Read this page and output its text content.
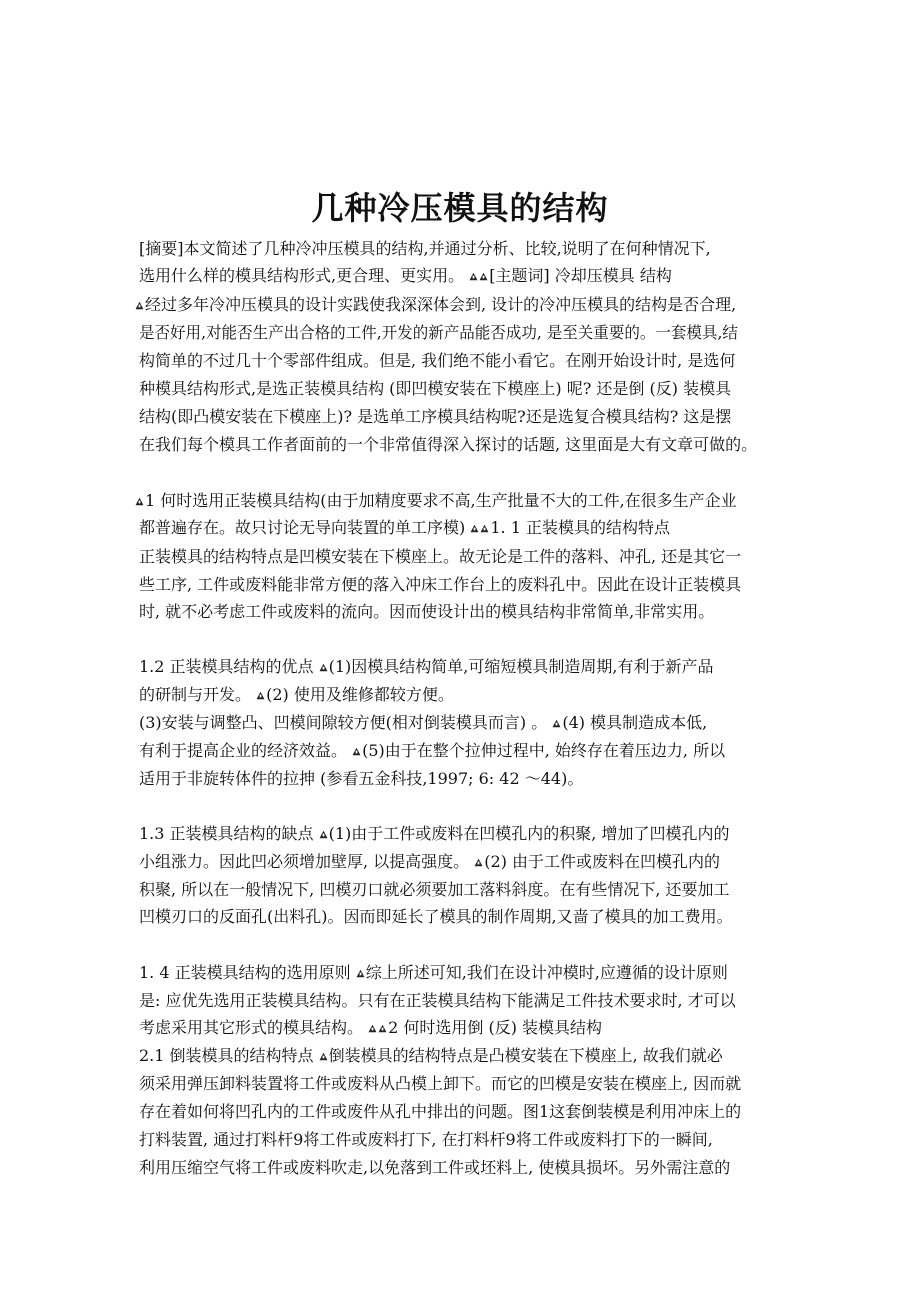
几种冷压模具的结构
[摘要]本文简述了几种冷冲压模具的结构,并通过分析、比较,说明了在何种情况下,
选用什么样的模具结构形式,更合理、更实用。
[主题词] 冷却压模具 结构
经过多年冷冲压模具的设计实践使我深深体会到, 设计的冷冲压模具的结构是否合理,
是否好用,对能否生产出合格的工件,开发的新产品能否成功, 是至关重要的。一套模具,结
构简单的不过几十个零部件组成。但是, 我们绝不能小看它。在刚开始设计时, 是选何
种模具结构形式,是选正装模具结构 (即凹模安装在下模座上) 呢? 还是倒 (反) 装模具
结构(即凸模安装在下模座上)? 是选单工序模具结构呢?还是选复合模具结构? 这是摆
在我们每个模具工作者面前的一个非常值得深入探讨的话题, 这里面是大有文章可做的。
1 何时选用正装模具结构(由于加精度要求不高,生产批量不大的工件,在很多生产企业
都普遍存在。故只讨论无导向装置的单工序模)
1. 1 正装模具的结构特点
正装模具的结构特点是凹模安装在下模座上。故无论是工件的落料、冲孔, 还是其它一
些工序, 工件或废料能非常方便的落入冲床工作台上的废料孔中。因此在设计正装模具
时, 就不必考虑工件或废料的流向。因而使设计出的模具结构非常简单,非常实用。
1.2 正装模具结构的优点
(1)因模具结构简单,可缩短模具制造周期,有利于新产品
的研制与开发。
(2) 使用及维修都较方便。
(3)安装与调整凸、凹模间隙较方便(相对倒装模具而言) 。
(4) 模具制造成本低,
有利于提高企业的经济效益。
(5)由于在整个拉伸过程中, 始终存在着压边力, 所以
适用于非旋转体件的拉抻 (参看五金科技,1997; 6: 42 ～44)。
1.3 正装模具结构的缺点
(1)由于工件或废料在凹模孔内的积聚, 增加了凹模孔内的
小组涨力。因此凹必须增加壁厚, 以提高强度。
(2) 由于工件或废料在凹模孔内的
积聚, 所以在一般情况下, 凹模刃口就必须要加工落料斜度。在有些情况下, 还要加工
凹模刃口的反面孔(出料孔)。因而即延长了模具的制作周期,又啬了模具的加工费用。
1. 4 正装模具结构的选用原则
综上所述可知,我们在设计冲模时,应遵循的设计原则
是: 应优先选用正装模具结构。只有在正装模具结构下能满足工件技术要求时, 才可以
考虑采用其它形式的模具结构。
2 何时选用倒 (反) 装模具结构
2.1 倒装模具的结构特点
倒装模具的结构特点是凸模安装在下模座上, 故我们就必
须采用弹压卸料装置将工件或废料从凸模上卸下。而它的凹模是安装在模座上, 因而就
存在着如何将凹孔内的工件或废件从孔中排出的问题。图1这套倒装模是利用冲床上的
打料装置, 通过打料杆9将工件或废料打下, 在打料杆9将工件或废料打下的一瞬间,
利用压缩空气将工件或废料吹走,以免落到工件或坯料上, 使模具损坏。另外需注意的
